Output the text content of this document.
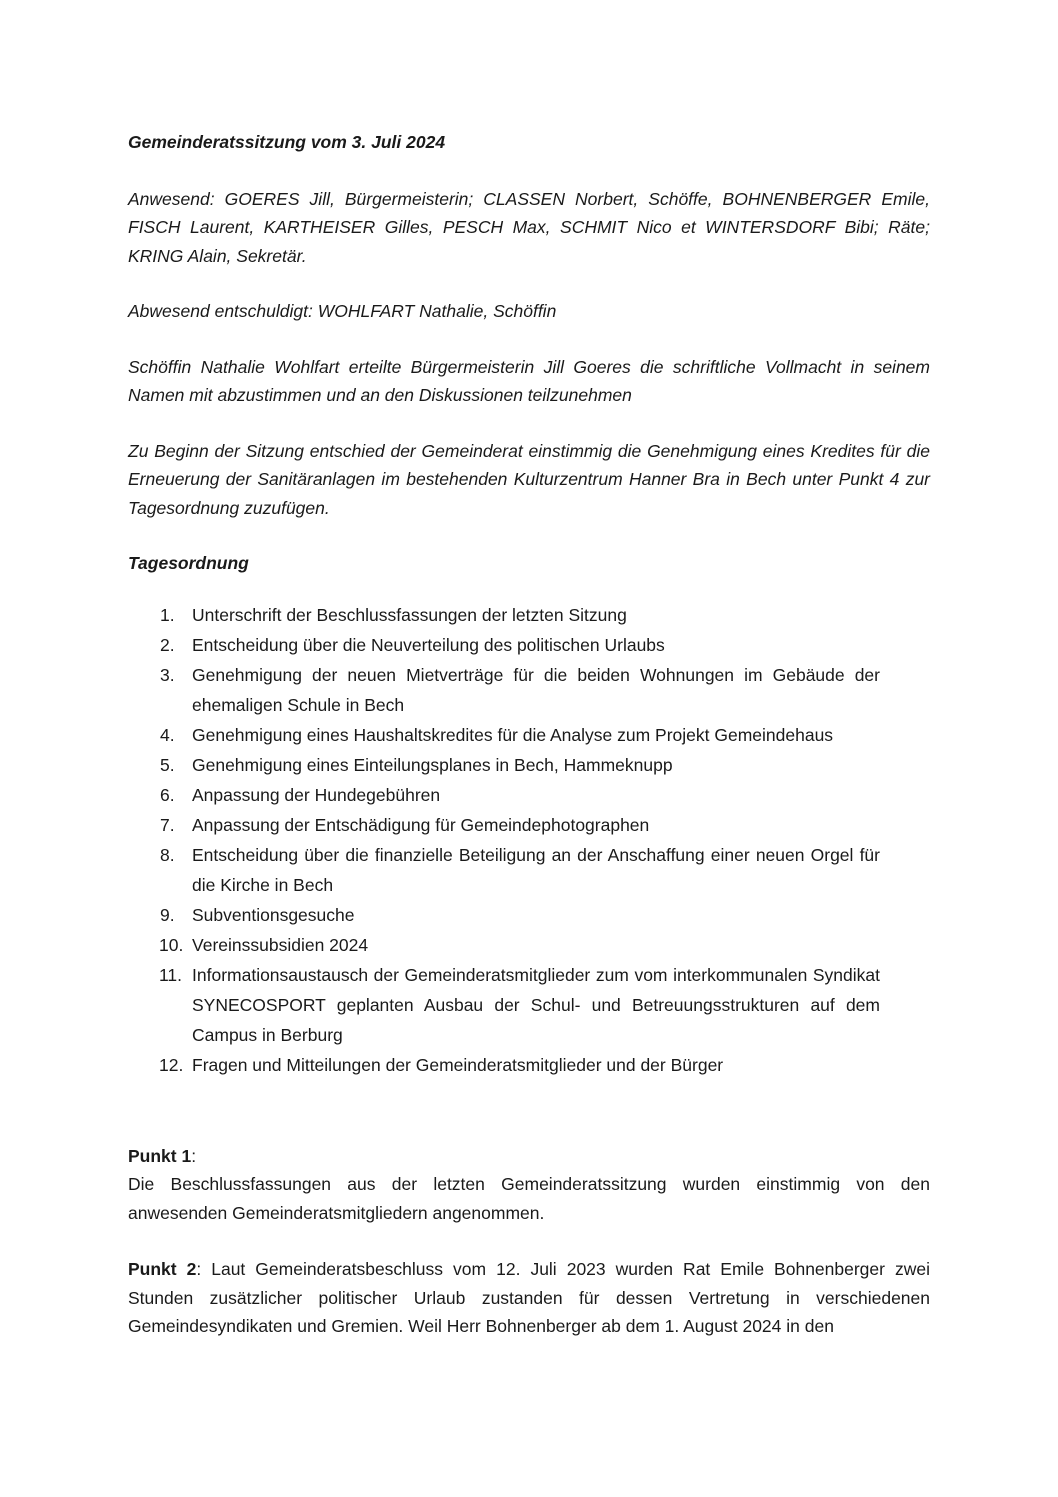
Gemeinderatssitzung vom 3. Juli 2024

Anwesend: GOERES Jill, Bürgermeisterin; CLASSEN Norbert, Schöffe, BOHNENBERGER Emile, FISCH Laurent, KARTHEISER Gilles, PESCH Max, SCHMIT Nico et WINTERSDORF Bibi; Räte; KRING Alain, Sekretär.

Abwesend entschuldigt: WOHLFART Nathalie, Schöffin

Schöffin Nathalie Wohlfart erteilte Bürgermeisterin Jill Goeres die schriftliche Vollmacht in seinem Namen mit abzustimmen und an den Diskussionen teilzunehmen

Zu Beginn der Sitzung entschied der Gemeinderat einstimmig die Genehmigung eines Kredites für die Erneuerung der Sanitäranlagen im bestehenden Kulturzentrum Hanner Bra in Bech unter Punkt 4 zur Tagesordnung zuzufügen.

Tagesordnung

1. Unterschrift der Beschlussfassungen der letzten Sitzung
2. Entscheidung über die Neuverteilung des politischen Urlaubs
3. Genehmigung der neuen Mietverträge für die beiden Wohnungen im Gebäude der ehemaligen Schule in Bech
4. Genehmigung eines Haushaltskredites für die Analyse zum Projekt Gemeindehaus
5. Genehmigung eines Einteilungsplanes in Bech, Hammeknupp
6. Anpassung der Hundegebühren
7. Anpassung der Entschädigung für Gemeindephotographen
8. Entscheidung über die finanzielle Beteiligung an der Anschaffung einer neuen Orgel für die Kirche in Bech
9. Subventionsgesuche
10. Vereinssubsidien 2024
11. Informationsaustausch der Gemeinderatsmitglieder zum vom interkommunalen Syndikat SYNECOSPORT geplanten Ausbau der Schul- und Betreuungsstrukturen auf dem Campus in Berburg
12. Fragen und Mitteilungen der Gemeinderatsmitglieder und der Bürger

Punkt 1:

Die Beschlussfassungen aus der letzten Gemeinderatssitzung wurden einstimmig von den anwesenden Gemeinderatsmitgliedern angenommen.

Punkt 2: Laut Gemeinderatsbeschluss vom 12. Juli 2023 wurden Rat Emile Bohnenberger zwei Stunden zusätzlicher politischer Urlaub zustanden für dessen Vertretung in verschiedenen Gemeindesyndikaten und Gremien. Weil Herr Bohnenberger ab dem 1. August 2024 in den
